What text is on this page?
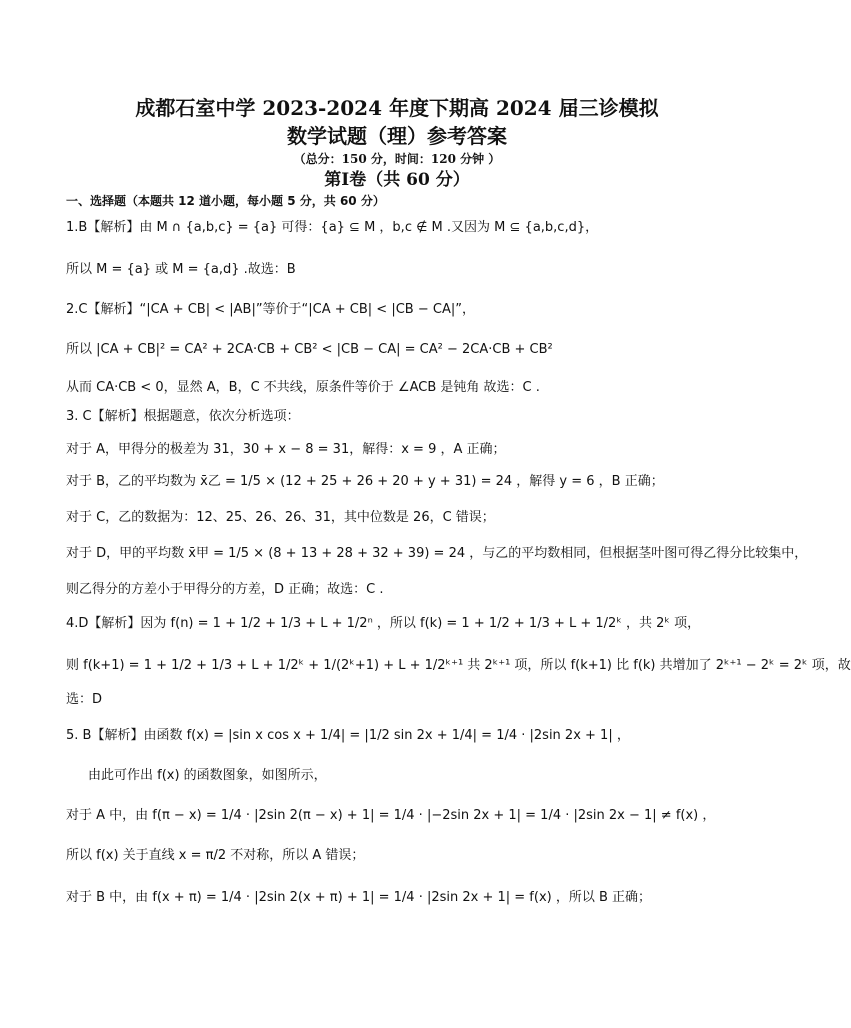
成都石室中学 2023-2024 年度下期高 2024 届三诊模拟
数学试题（理）参考答案
（总分：150 分，时间：120 分钟 ）
第Ⅰ卷（共 60 分）
一、选择题（本题共 12 道小题，每小题 5 分，共 60 分）
1.B【解析】由 M ∩ {a,b,c} = {a} 可得：{a} ⊆ M ，b,c ∉ M .又因为 M ⊆ {a,b,c,d}，
所以 M = {a} 或 M = {a,d} .故选：B
2.C【解析】“|CA + CB| < |AB|”等价于“|CA + CB| < |CB − CA|”，
所以 |CA + CB|² = CA² + 2CA·CB + CB² < |CB − CA| = CA² − 2CA·CB + CB²
从而 CA·CB < 0，显然 A，B，C 不共线，原条件等价于 ∠ACB 是钝角 故选：C .
3. C【解析】根据题意，依次分析选项：
对于 A，甲得分的极差为 31，30 + x − 8 = 31，解得：x = 9 ，A 正确；
对于 B，乙的平均数为 x̄乙 = 1/5 × (12 + 25 + 26 + 20 + y + 31) = 24 ，解得 y = 6 ，B 正确；
对于 C，乙的数据为：12、25、26、26、31，其中位数是 26，C 错误；
对于 D，甲的平均数 x̄甲 = 1/5 × (8 + 13 + 28 + 32 + 39) = 24 ，与乙的平均数相同，但根据茎叶图可得乙得分比较集中，
则乙得分的方差小于甲得分的方差，D 正确；故选：C .
4.D【解析】因为 f(n) = 1 + 1/2 + 1/3 + L + 1/2ⁿ ，所以 f(k) = 1 + 1/2 + 1/3 + L + 1/2ᵏ ，共 2ᵏ 项，
则 f(k+1) = 1 + 1/2 + 1/3 + L + 1/2ᵏ + 1/(2ᵏ+1) + L + 1/2ᵏ⁺¹ 共 2ᵏ⁺¹ 项，所以 f(k+1) 比 f(k) 共增加了 2ᵏ⁺¹ − 2ᵏ = 2ᵏ 项，故
选：D
5. B【解析】由函数 f(x) = |sin x cos x + 1/4| = |1/2 sin 2x + 1/4| = 1/4 · |2sin 2x + 1| ，
由此可作出 f(x) 的函数图象，如图所示，
对于 A 中，由 f(π − x) = 1/4 · |2sin 2(π − x) + 1| = 1/4 · |−2sin 2x + 1| = 1/4 · |2sin 2x − 1| ≠ f(x) ，
所以 f(x) 关于直线 x = π/2 不对称，所以 A 错误；
对于 B 中，由 f(x + π) = 1/4 · |2sin 2(x + π) + 1| = 1/4 · |2sin 2x + 1| = f(x) ，所以 B 正确；
